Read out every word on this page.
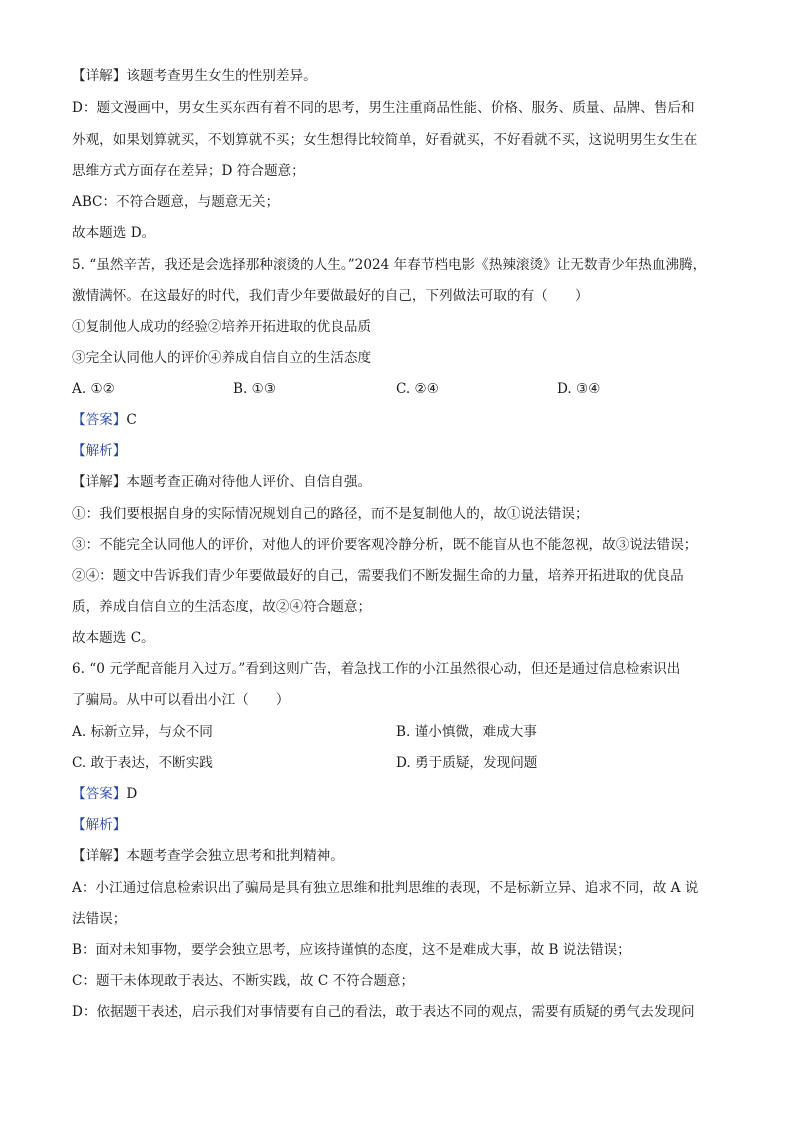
【详解】该题考查男生女生的性别差异。
D：题文漫画中，男女生买东西有着不同的思考，男生注重商品性能、价格、服务、质量、品牌、售后和
外观，如果划算就买，不划算就不买；女生想得比较简单，好看就买，不好看就不买，这说明男生女生在
思维方式方面存在差异；D 符合题意；
ABC：不符合题意，与题意无关；
故本题选 D。
5. “虽然辛苦，我还是会选择那种滚烫的人生。”2024 年春节档电影《热辣滚烫》让无数青少年热血沸腾，
激情满怀。在这最好的时代，我们青少年要做最好的自己，下列做法可取的有（　　）
①复制他人成功的经验②培养开拓进取的优良品质
③完全认同他人的评价④养成自信自立的生活态度
A. ①②	B. ①③	C. ②④	D. ③④
【答案】C
【解析】
【详解】本题考查正确对待他人评价、自信自强。
①：我们要根据自身的实际情况规划自己的路径，而不是复制他人的，故①说法错误；
③：不能完全认同他人的评价，对他人的评价要客观冷静分析，既不能盲从也不能忽视，故③说法错误；
②④：题文中告诉我们青少年要做最好的自己，需要我们不断发掘生命的力量，培养开拓进取的优良品
质，养成自信自立的生活态度，故②④符合题意；
故本题选 C。
6. “0 元学配音能月入过万。”看到这则广告，着急找工作的小江虽然很心动，但还是通过信息检索识出
了骗局。从中可以看出小江（　　）
A. 标新立异，与众不同	B. 谨小慎微，难成大事
C. 敢于表达，不断实践	D. 勇于质疑，发现问题
【答案】D
【解析】
【详解】本题考查学会独立思考和批判精神。
A：小江通过信息检索识出了骗局是具有独立思维和批判思维的表现，不是标新立异、追求不同，故 A 说
法错误；
B：面对未知事物，要学会独立思考，应该持谨慎的态度，这不是难成大事，故 B 说法错误；
C：题干未体现敢于表达、不断实践，故 C 不符合题意；
D：依据题干表述，启示我们对事情要有自己的看法，敢于表达不同的观点，需要有质疑的勇气去发现问
